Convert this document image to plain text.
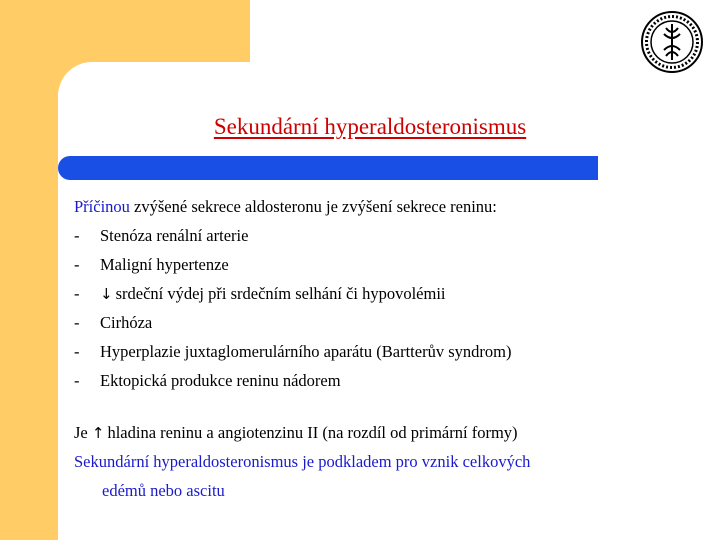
Sekundární hyperaldosteronismus
Příčinou zvýšené sekrece aldosteronu je zvýšení sekrece reninu:
- Stenóza renální arterie
- Maligní hypertenze
- ↓ srdeční výdej při srdečním selhání či hypovolémii
- Cirhóza
- Hyperplazie juxtaglomerulárního aparátu (Bartterův syndrom)
- Ektopická produkce reninu nádorem
Je ↑ hladina reninu a angiotenzinu II (na rozdíl od primární formy)
Sekundární hyperaldosteronismus je podkladem pro vznik celkových
edémů nebo ascitu
